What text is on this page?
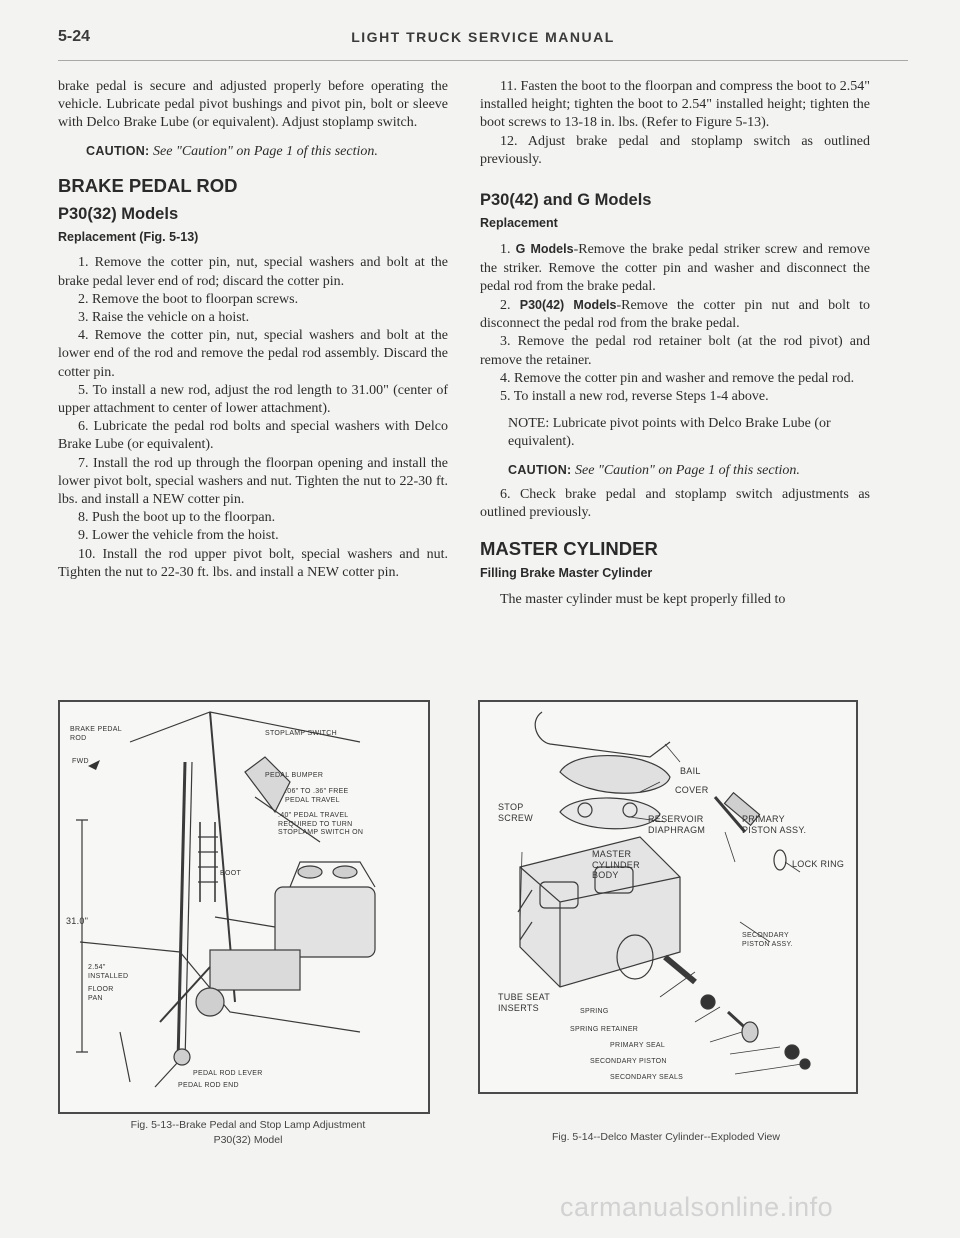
5-24	LIGHT TRUCK SERVICE MANUAL

brake pedal is secure and adjusted properly before operating the vehicle. Lubricate pedal pivot bushings and pivot pin, bolt or sleeve with Delco Brake Lube (or equivalent). Adjust stoplamp switch.

CAUTION: See "Caution" on Page 1 of this section.

BRAKE PEDAL ROD
P30(32) Models
Replacement (Fig. 5-13)

1. Remove the cotter pin, nut, special washers and bolt at the brake pedal lever end of rod; discard the cotter pin.

2. Remove the boot to floorpan screws.

3. Raise the vehicle on a hoist.

4. Remove the cotter pin, nut, special washers and bolt at the lower end of the rod and remove the pedal rod assembly. Discard the cotter pin.

5. To install a new rod, adjust the rod length to 31.00" (center of upper attachment to center of lower attachment).

6. Lubricate the pedal rod bolts and special washers with Delco Brake Lube (or equivalent).

7. Install the rod up through the floorpan opening and install the lower pivot bolt, special washers and nut. Tighten the nut to 22-30 ft. lbs. and install a NEW cotter pin.

8. Push the boot up to the floorpan.

9. Lower the vehicle from the hoist.

10. Install the rod upper pivot bolt, special washers and nut. Tighten the nut to 22-30 ft. lbs. and install a NEW cotter pin.

11. Fasten the boot to the floorpan and compress the boot to 2.54" installed height; tighten the boot to 2.54" installed height; tighten the boot screws to 13-18 in. lbs. (Refer to Figure 5-13).

12. Adjust brake pedal and stoplamp switch as outlined previously.

P30(42) and G Models
Replacement

1. G Models-Remove the brake pedal striker screw and remove the striker. Remove the cotter pin and washer and disconnect the pedal rod from the brake pedal.

2. P30(42) Models-Remove the cotter pin nut and bolt to disconnect the pedal rod from the brake pedal.

3. Remove the pedal rod retainer bolt (at the rod pivot) and remove the retainer.

4. Remove the cotter pin and washer and remove the pedal rod.

5. To install a new rod, reverse Steps 1-4 above.

NOTE: Lubricate pivot points with Delco Brake Lube (or equivalent).

CAUTION: See "Caution" on Page 1 of this section.

6. Check brake pedal and stoplamp switch adjustments as outlined previously.

MASTER CYLINDER
Filling Brake Master Cylinder

The master cylinder must be kept properly filled to

BRAKE PEDAL
ROD
FWD
STOPLAMP SWITCH
PEDAL BUMPER
.06" TO .36" FREE
PEDAL TRAVEL
.40" PEDAL TRAVEL
REQUIRED TO TURN
STOPLAMP SWITCH ON
31.0"
BOOT
2.54"
INSTALLED
FLOOR
PAN
PEDAL ROD LEVER
PEDAL ROD END
Fig. 5-13--Brake Pedal and Stop Lamp Adjustment
P30(32) Model
BAIL
COVER
STOP
SCREW	RESERVOIR
DIAPHRAGM
PRIMARY
PISTON ASSY.
MASTER
CYLINDER
BODY
LOCK RING
SECONDARY
PISTON ASSY.
TUBE SEAT
INSERTS	SPRING
SPRING RETAINER
PRIMARY SEAL
SECONDARY PISTON
SECONDARY SEALS
Fig. 5-14--Delco Master Cylinder--Exploded View
carmanualsonline.info
